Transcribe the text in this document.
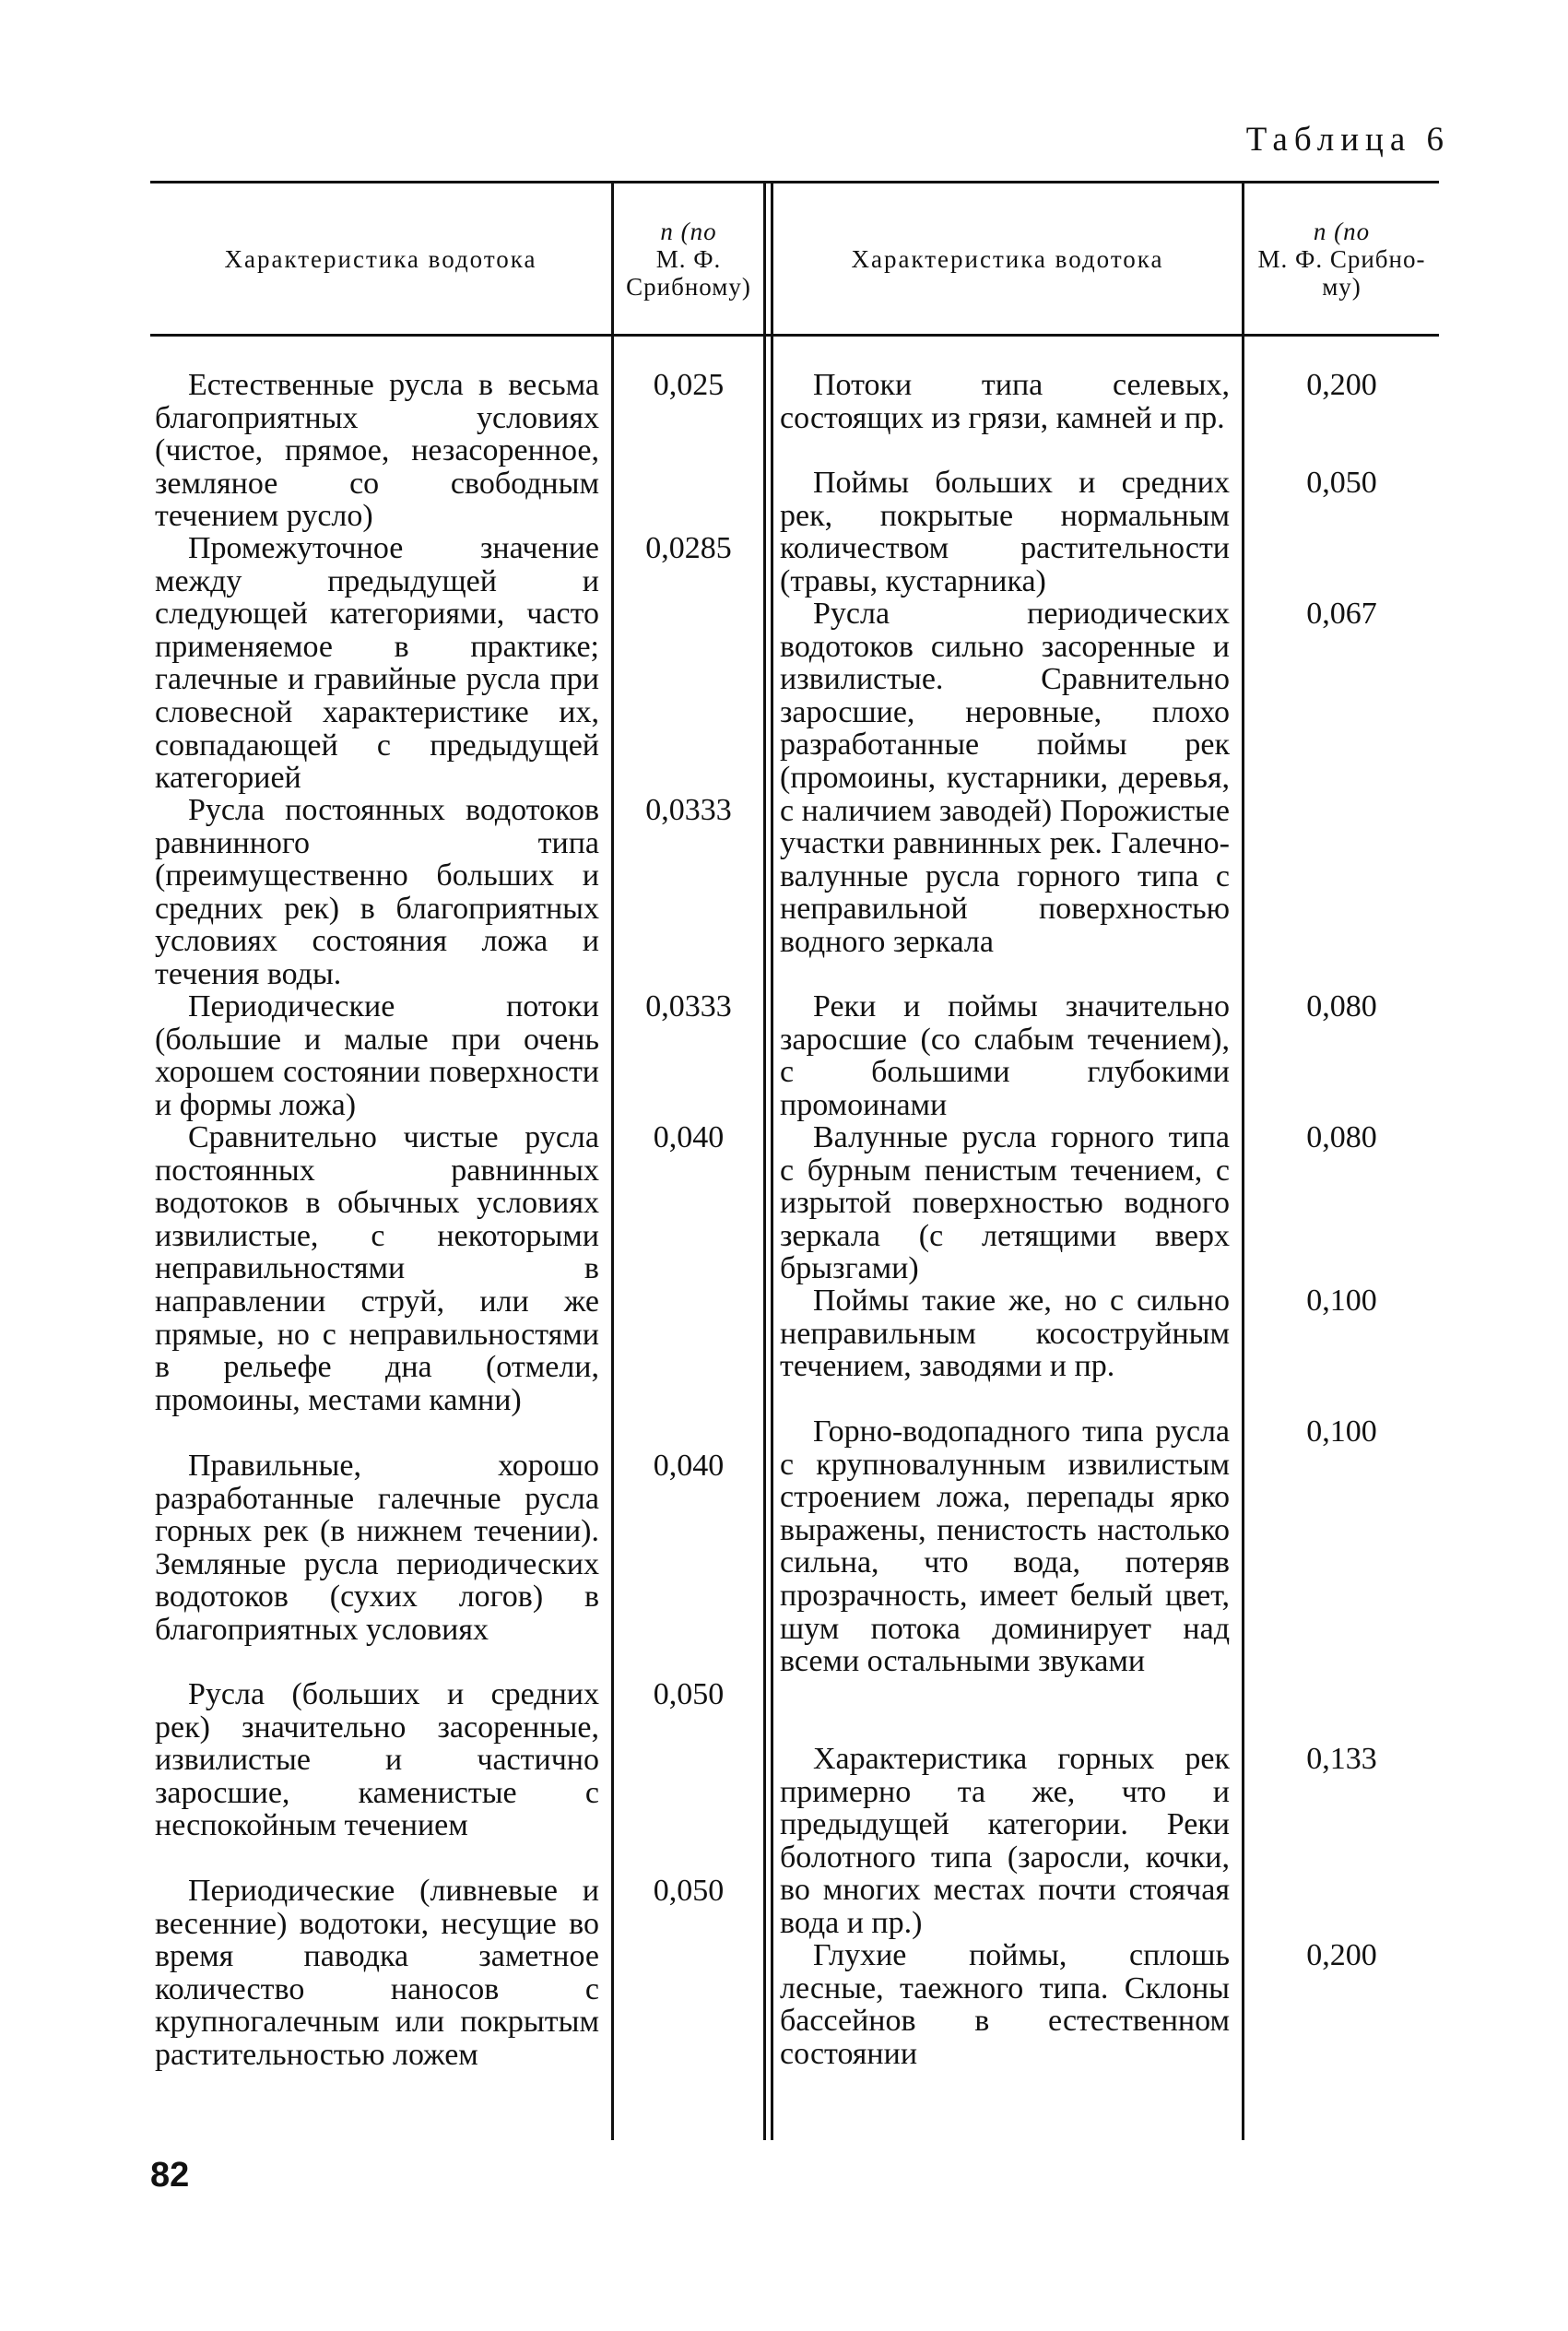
Таблица 6
Характеристика водотока
n (по
М. Ф.
Срибному)
Характеристика водотока
n (по
М. Ф. Срибно-
му)
Естественные русла в весьма благоприятных условиях (чистое, прямое, незасоренное, земляное со свободным течением русло)
Промежуточное значение между предыдущей и следующей категориями, часто применяемое в практике; галечные и гравийные русла при словесной характеристике их, совпадающей с предыдущей категорией
Русла постоянных водотоков равнинного типа (преимущественно больших и средних рек) в благоприятных условиях состояния ложа и течения воды.
Периодические потоки (большие и малые при очень хорошем состоянии поверхности и формы ложа)
Сравнительно чистые русла постоянных равнинных водотоков в обычных условиях извилистые, с некоторыми неправильностями в направлении струй, или же прямые, но с неправильностями в рельефе дна (отмели, промоины, местами камни)
Правильные, хорошо разработанные галечные русла горных рек (в нижнем течении). Земляные русла периодических водотоков (сухих логов) в благоприятных условиях
Русла (больших и средних рек) значительно засоренные, извилистые и частично заросшие, каменистые с неспокойным течением
Периодические (ливневые и весенние) водотоки, несущие во время паводка заметное количество наносов с крупногалечным или покрытым растительностью ложем
0,025
0,0285
0,0333
0,0333
0,040
0,040
0,050
0,050
Потоки типа селевых, состоящих из грязи, камней и пр.
Поймы больших и средних рек, покрытые нормальным количеством растительности (травы, кустарника)
Русла периодических водотоков сильно засоренные и извилистые. Сравнительно заросшие, неровные, плохо разработанные поймы рек (промоины, кустарники, деревья, с наличием заводей) Порожистые участки равнинных рек. Галечно-валунные русла горного типа с неправильной поверхностью водного зеркала
Реки и поймы значительно заросшие (со слабым течением), с большими глубокими промоинами
Валунные русла горного типа с бурным пенистым течением, с изрытой поверхностью водного зеркала (с летящими вверх брызгами)
Поймы такие же, но с сильно неправильным косоструйным течением, заводями и пр.
Горно-водопадного типа русла с крупновалунным извилистым строением ложа, перепады ярко выражены, пенистость настолько сильна, что вода, потеряв прозрачность, имеет белый цвет, шум потока доминирует над всеми остальными звуками
Характеристика горных рек примерно та же, что и предыдущей категории. Реки болотного типа (заросли, кочки, во многих местах почти стоячая вода и пр.)
Глухие поймы, сплошь лесные, таежного типа. Склоны бассейнов в естественном состоянии
0,200
0,050
0,067
0,080
0,080
0,100
0,100
0,133
0,200
82
